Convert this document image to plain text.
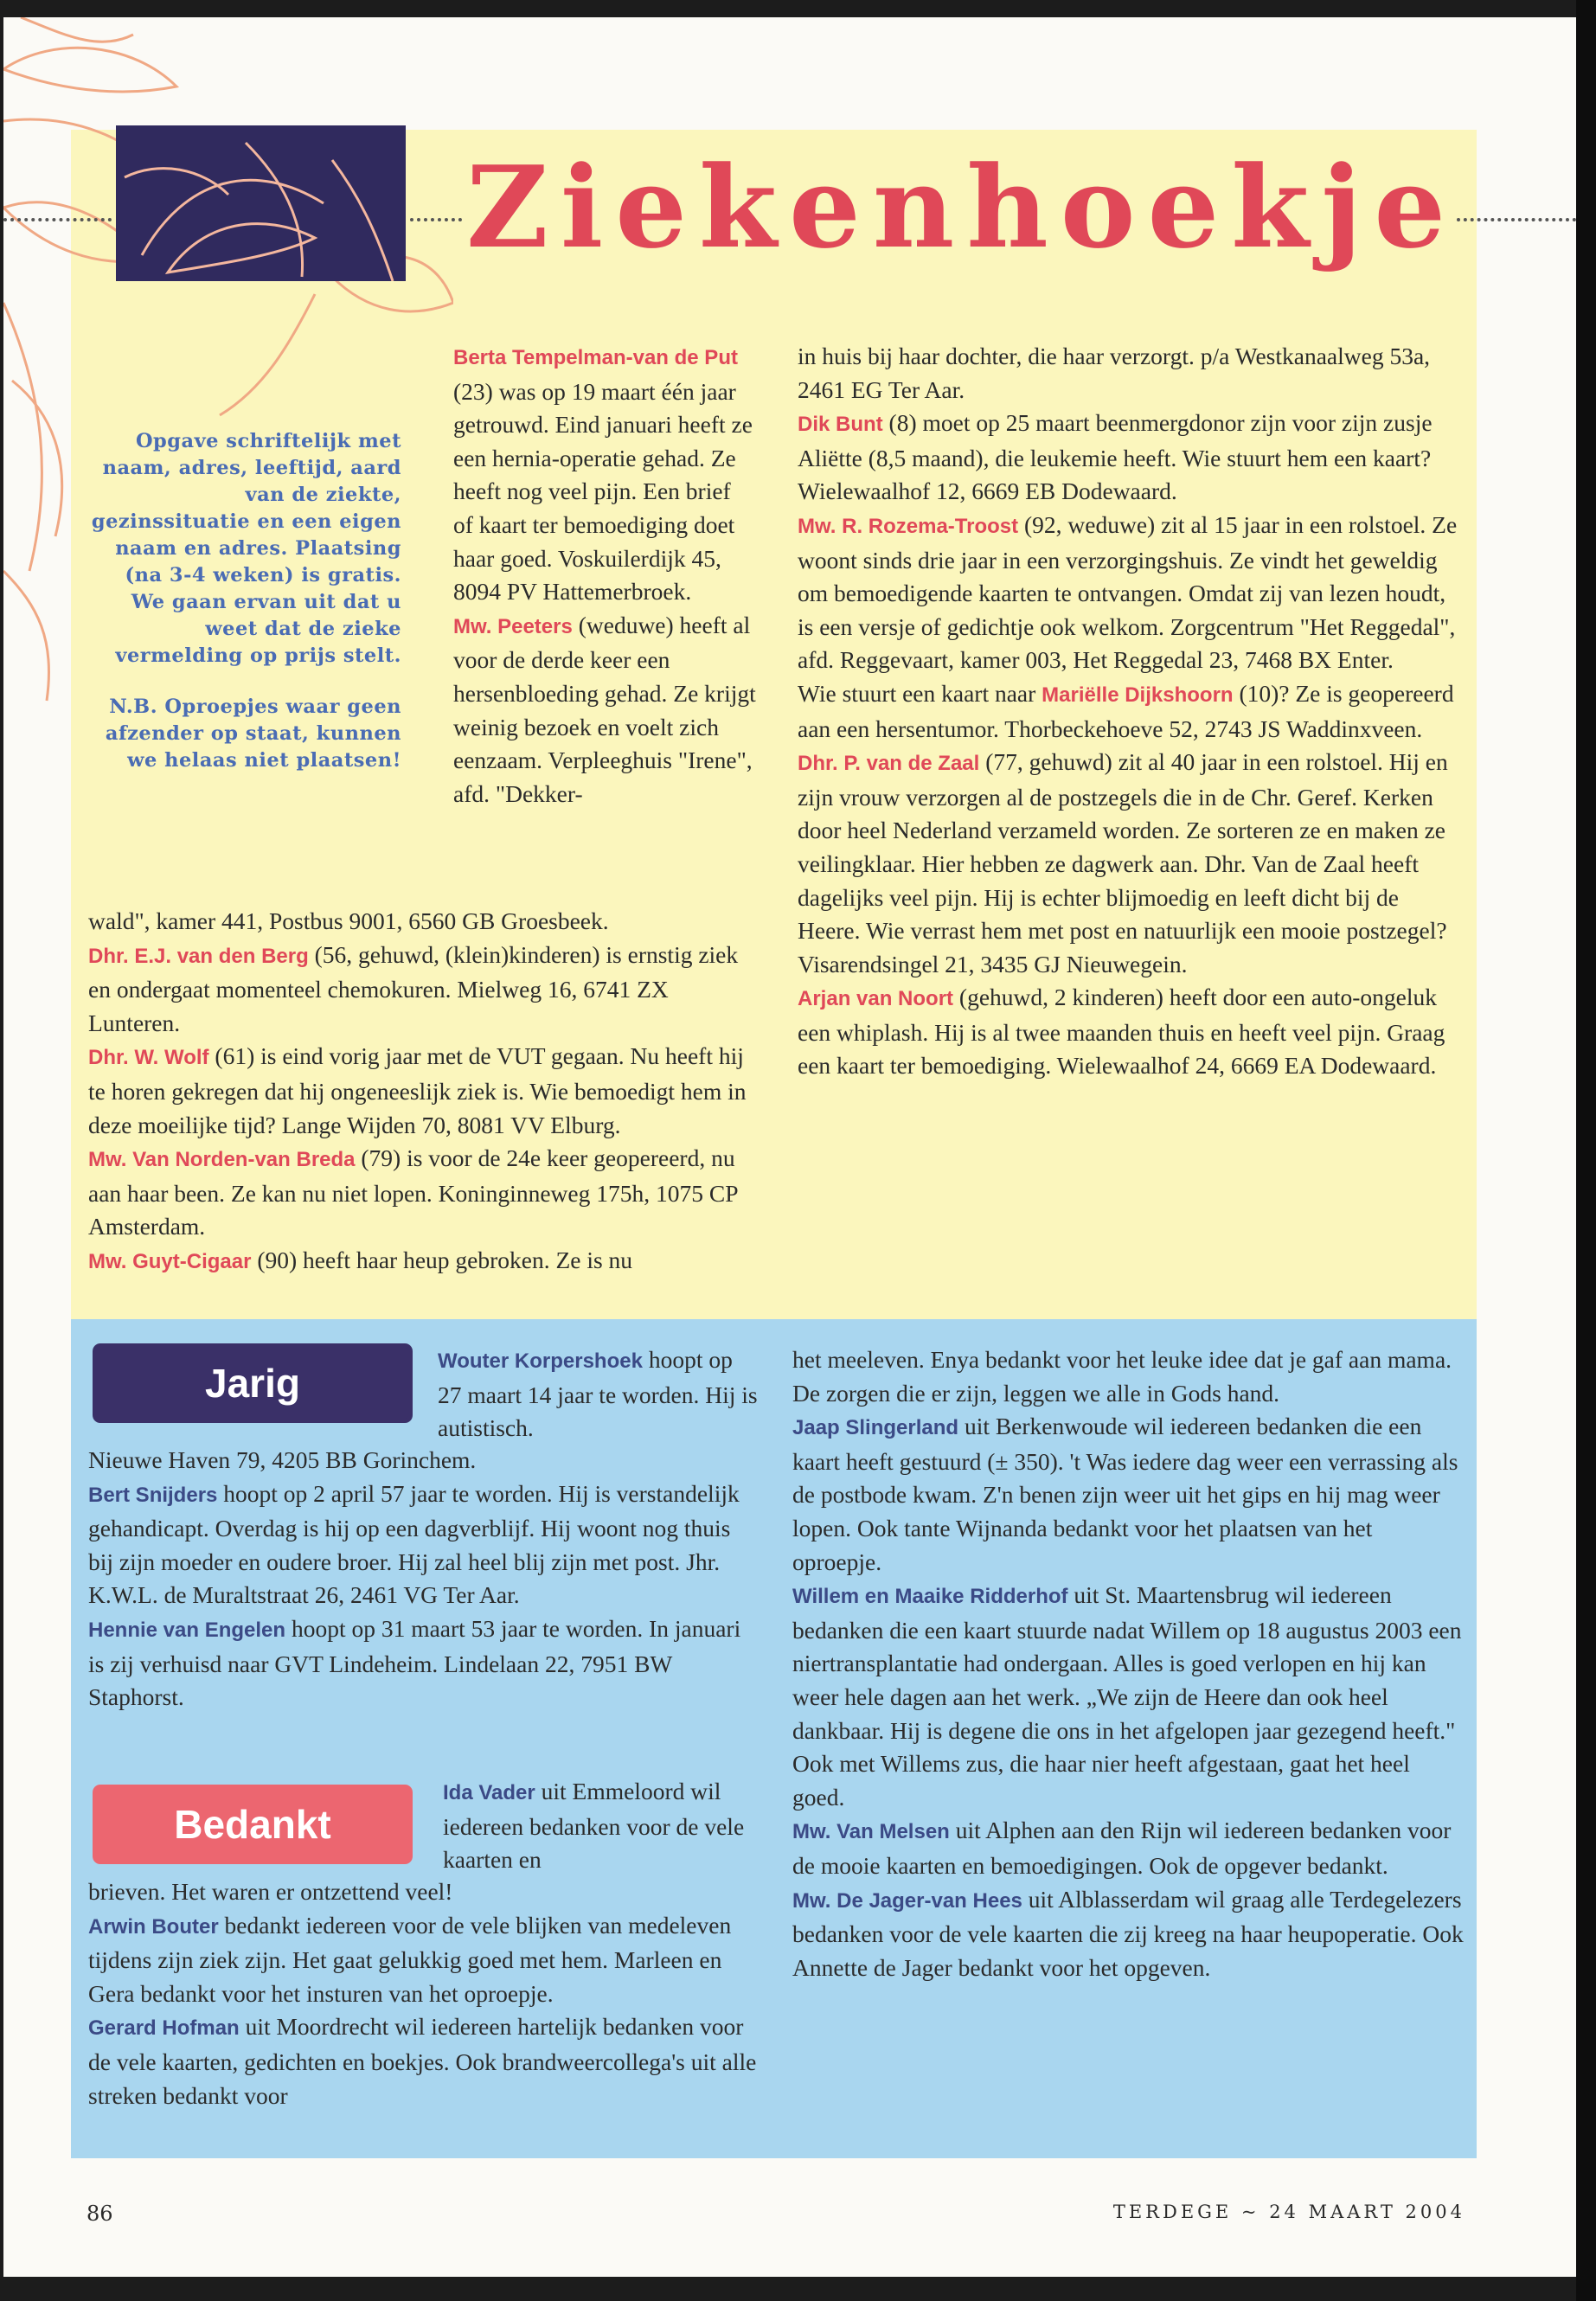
Ziekenhoekje

Opgave schriftelijk met naam, adres, leeftijd, aard van de ziekte, gezinssituatie en een eigen naam en adres. Plaatsing (na 3-4 weken) is gratis. We gaan ervan uit dat u weet dat de zieke vermelding op prijs stelt.

N.B. Oproepjes waar geen afzender op staat, kunnen we helaas niet plaatsen!

Berta Tempelman-van de Put (23) was op 19 maart één jaar getrouwd. Eind januari heeft ze een hernia-operatie gehad. Ze heeft nog veel pijn. Een brief of kaart ter bemoediging doet haar goed. Voskuilerdijk 45, 8094 PV Hattemerbroek.

Mw. Peeters (weduwe) heeft al voor de derde keer een hersenbloeding gehad. Ze krijgt weinig bezoek en voelt zich eenzaam. Verpleeghuis "Irene", afd. "Dekker-

wald", kamer 441, Postbus 9001, 6560 GB Groesbeek.

Dhr. E.J. van den Berg (56, gehuwd, (klein)kinderen) is ernstig ziek en ondergaat momenteel chemokuren. Mielweg 16, 6741 ZX Lunteren.

Dhr. W. Wolf (61) is eind vorig jaar met de VUT gegaan. Nu heeft hij te horen gekregen dat hij ongeneeslijk ziek is. Wie bemoedigt hem in deze moeilijke tijd? Lange Wijden 70, 8081 VV Elburg.

Mw. Van Norden-van Breda (79) is voor de 24e keer geopereerd, nu aan haar been. Ze kan nu niet lopen. Koninginneweg 175h, 1075 CP Amsterdam.

Mw. Guyt-Cigaar (90) heeft haar heup gebroken. Ze is nu

in huis bij haar dochter, die haar verzorgt. p/a Westkanaalweg 53a, 2461 EG Ter Aar.

Dik Bunt (8) moet op 25 maart beenmergdonor zijn voor zijn zusje Aliëtte (8,5 maand), die leukemie heeft. Wie stuurt hem een kaart? Wielewaalhof 12, 6669 EB Dodewaard.

Mw. R. Rozema-Troost (92, weduwe) zit al 15 jaar in een rolstoel. Ze woont sinds drie jaar in een verzorgingshuis. Ze vindt het geweldig om bemoedigende kaarten te ontvangen. Omdat zij van lezen houdt, is een versje of gedichtje ook welkom. Zorgcentrum "Het Reggedal", afd. Reggevaart, kamer 003, Het Reggedal 23, 7468 BX Enter.

Wie stuurt een kaart naar Mariëlle Dijkshoorn (10)? Ze is geopereerd aan een hersentumor. Thorbeckehoeve 52, 2743 JS Waddinxveen.

Dhr. P. van de Zaal (77, gehuwd) zit al 40 jaar in een rolstoel. Hij en zijn vrouw verzorgen al de postzegels die in de Chr. Geref. Kerken door heel Nederland verzameld worden. Ze sorteren ze en maken ze veilingklaar. Hier hebben ze dagwerk aan. Dhr. Van de Zaal heeft dagelijks veel pijn. Hij is echter blijmoedig en leeft dicht bij de Heere. Wie verrast hem met post en natuurlijk een mooie postzegel? Visarendsingel 21, 3435 GJ Nieuwegein.

Arjan van Noort (gehuwd, 2 kinderen) heeft door een auto-ongeluk een whiplash. Hij is al twee maanden thuis en heeft veel pijn. Graag een kaart ter bemoediging. Wielewaalhof 24, 6669 EA Dodewaard.

Jarig	Wouter Korpershoek hoopt op 27 maart 14 jaar te worden. Hij is autistisch.

Nieuwe Haven 79, 4205 BB Gorinchem.

Bert Snijders hoopt op 2 april 57 jaar te worden. Hij is verstandelijk gehandicapt. Overdag is hij op een dagverblijf. Hij woont nog thuis bij zijn moeder en oudere broer. Hij zal heel blij zijn met post. Jhr. K.W.L. de Muraltstraat 26, 2461 VG Ter Aar.

Hennie van Engelen hoopt op 31 maart 53 jaar te worden. In januari is zij verhuisd naar GVT Lindeheim. Lindelaan 22, 7951 BW Staphorst.

Bedankt

Ida Vader uit Emmeloord wil iedereen bedanken voor de vele kaarten en

brieven. Het waren er ontzettend veel!

Arwin Bouter bedankt iedereen voor de vele blijken van medeleven tijdens zijn ziek zijn. Het gaat gelukkig goed met hem. Marleen en Gera bedankt voor het insturen van het oproepje.

Gerard Hofman uit Moordrecht wil iedereen hartelijk bedanken voor de vele kaarten, gedichten en boekjes. Ook brandweercollega's uit alle streken bedankt voor

het meeleven. Enya bedankt voor het leuke idee dat je gaf aan mama. De zorgen die er zijn, leggen we alle in Gods hand.

Jaap Slingerland uit Berkenwoude wil iedereen bedanken die een kaart heeft gestuurd (± 350). 't Was iedere dag weer een verrassing als de postbode kwam. Z'n benen zijn weer uit het gips en hij mag weer lopen. Ook tante Wijnanda bedankt voor het plaatsen van het oproepje.

Willem en Maaike Ridderhof uit St. Maartensbrug wil iedereen bedanken die een kaart stuurde nadat Willem op 18 augustus 2003 een niertransplantatie had ondergaan. Alles is goed verlopen en hij kan weer hele dagen aan het werk. „We zijn de Heere dan ook heel dankbaar. Hij is degene die ons in het afgelopen jaar gezegend heeft." Ook met Willems zus, die haar nier heeft afgestaan, gaat het heel goed.

Mw. Van Melsen uit Alphen aan den Rijn wil iedereen bedanken voor de mooie kaarten en bemoedigingen. Ook de opgever bedankt.

Mw. De Jager-van Hees uit Alblasserdam wil graag alle Terdegelezers bedanken voor de vele kaarten die zij kreeg na haar heupoperatie. Ook Annette de Jager bedankt voor het opgeven.

86	TERDEGE ~ 24 MAART 2004
